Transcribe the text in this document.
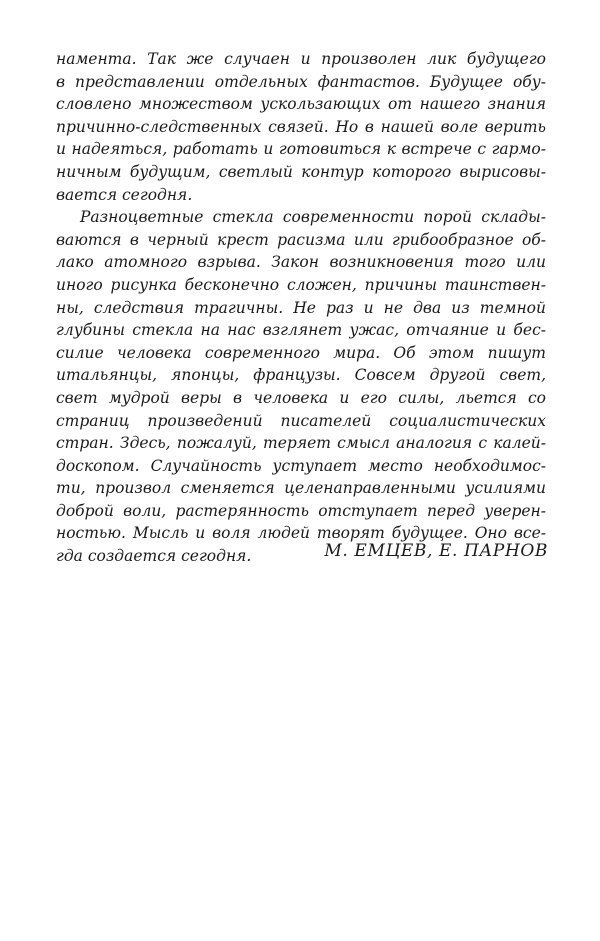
намента. Так же случаен и произволен лик будущего
в представлении отдельных фантастов. Будущее обу-
словлено множеством ускользающих от нашего знания
причинно-следственных связей. Но в нашей воле верить
и надеяться, работать и готовиться к встрече с гармо-
ничным будущим, светлый контур которого вырисовы-
вается сегодня.
Разноцветные стекла современности порой склады-
ваются в черный крест расизма или грибообразное об-
лако атомного взрыва. Закон возникновения того или
иного рисунка бесконечно сложен, причины таинствен-
ны, следствия трагичны. Не раз и не два из темной
глубины стекла на нас взглянет ужас, отчаяние и бес-
силие человека современного мира. Об этом пишут
итальянцы, японцы, французы. Совсем другой свет,
свет мудрой веры в человека и его силы, льется со
страниц произведений писателей социалистических
стран. Здесь, пожалуй, теряет смысл аналогия с калей-
доскопом. Случайность уступает место необходимос-
ти, произвол сменяется целенаправленными усилиями
доброй воли, растерянность отступает перед уверен-
ностью. Мысль и воля людей творят будущее. Оно все-
гда создается сегодня.	М. ЕМЦЕВ, Е. ПАРНОВ
